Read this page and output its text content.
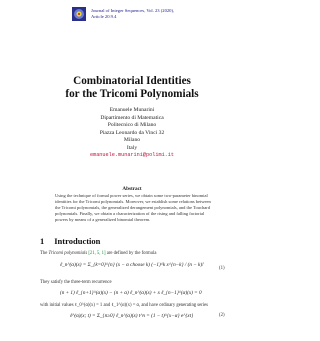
Journal of Integer Sequences, Vol. 23 (2020),
Article 20.9.4
Combinatorial Identities
for the Tricomi Polynomials
Emanuele Munarini
Dipartimento di Matematica
Politecnico di Milano
Piazza Leonardo da Vinci 32
Milano
Italy
emanuele.munarini@polimi.it
Abstract
Using the technique of formal power series, we obtain some two-parameter binomial
identities for the Tricomi polynomials. Moreover, we establish some relations between
the Tricomi polynomials, the generalized derangement polynomials, and the Touchard
polynomials. Finally, we obtain a characterization of the rising and falling factorial
powers by means of a generalized binomial theorem.
1 Introduction
The Tricomi polynomials [21, 5, 1] are defined by the formula
ℓ_n^(α)(x) = Σ_{k=0}^{n} (x − α choose k) (−1)^k x^{n−k} / (n − k)!
(1)
They satisfy the three-term recurrence
(n + 1) ℓ_{n+1}^(α)(x) − (n + α) ℓ_n^(α)(x) + x ℓ_{n−1}^(α)(x) = 0
with initial values ℓ_0^(α)(x) = 1 and ℓ_1^(α)(x) = α, and have ordinary generating series
ℓ^(α)(x; t) = Σ_{n≥0} ℓ_n^(α)(x) t^n = (1 − t)^{x−α} e^{xt}	(2)
